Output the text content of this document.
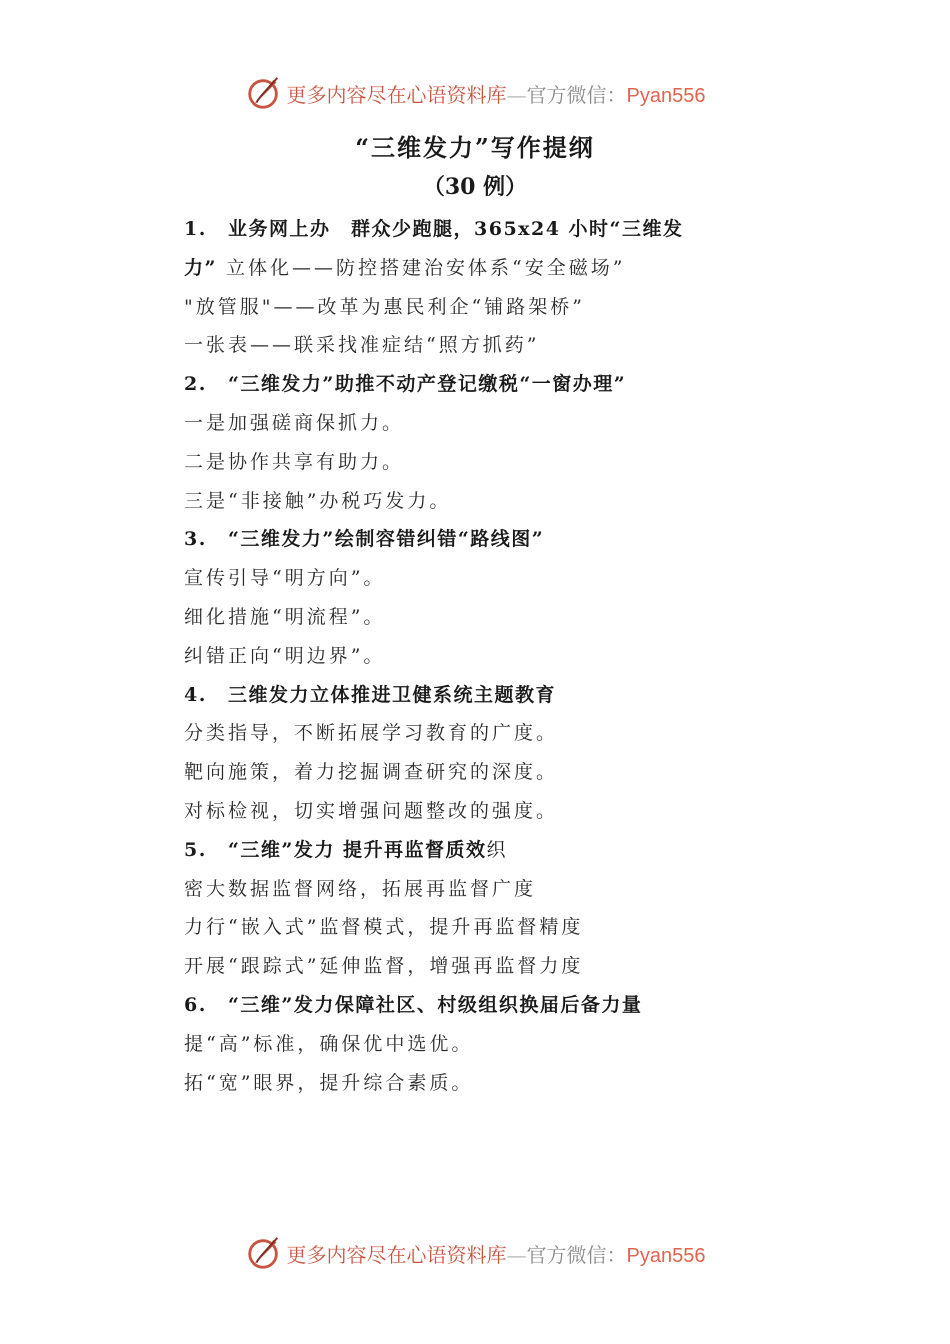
更多内容尽在心语资料库—官方微信：Pyan556
“三维发力”写作提纲
（30 例）
1. 业务网上办　群众少跑腿，365x24 小时“三维发
力” 立体化——防控搭建治安体系“安全磁场”
"放管服"——改革为惠民利企“铺路架桥”
一张表——联采找准症结“照方抓药”
2. “三维发力”助推不动产登记缴税“一窗办理”
一是加强磋商保抓力。
二是协作共享有助力。
三是“非接触”办税巧发力。
3. “三维发力”绘制容错纠错“路线图”
宣传引导“明方向”。
细化措施“明流程”。
纠错正向“明边界”。
4. 三维发力立体推进卫健系统主题教育
分类指导，不断拓展学习教育的广度。
靶向施策，着力挖掘调查研究的深度。
对标检视，切实增强问题整改的强度。
5. “三维”发力 提升再监督质效织
密大数据监督网络，拓展再监督广度
力行“嵌入式”监督模式，提升再监督精度
开展“跟踪式”延伸监督，增强再监督力度
6. “三维”发力保障社区、村级组织换届后备力量
提“高”标准，确保优中选优。
拓“宽”眼界，提升综合素质。
更多内容尽在心语资料库—官方微信：Pyan556
